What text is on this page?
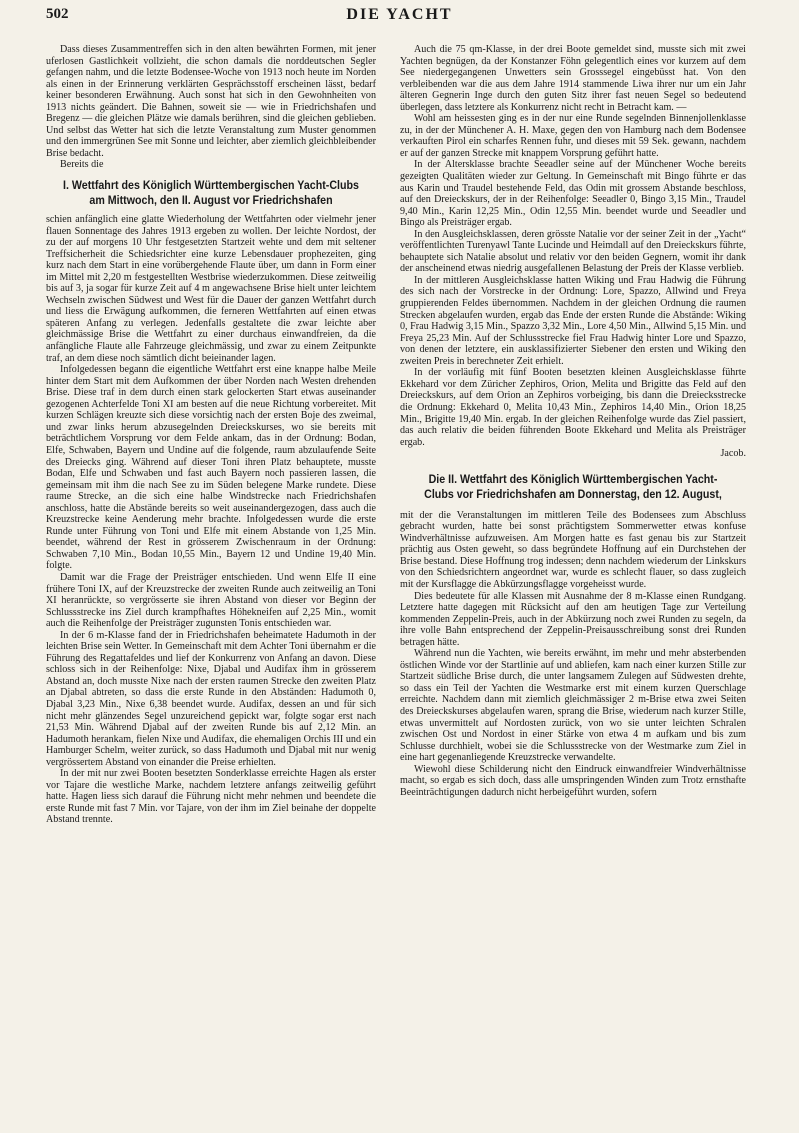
502	DIE YACHT

Dass dieses Zusammentreffen sich in den alten bewährten Formen, mit jener uferlosen Gastlichkeit vollzieht, die schon damals die norddeutschen Segler gefangen nahm, und die letzte Bodensee-Woche von 1913 noch heute im Norden als einen in der Erinnerung verklärten Gesprächsstoff erscheinen lässt, bedarf keiner besonderen Erwähnung. Auch sonst hat sich in den Gewohnheiten von 1913 nichts geändert. Die Bahnen, soweit sie — wie in Friedrichshafen und Bregenz — die gleichen Plätze wie damals berühren, sind die gleichen geblieben. Und selbst das Wetter hat sich die letzte Veranstaltung zum Muster genommen und den immergrünen See mit Sonne und leichter, aber ziemlich gleichbleibender Brise bedacht.

Bereits die

I. Wettfahrt des Königlich Württembergischen Yacht-Clubs am Mittwoch, den II. August vor Friedrichshafen

schien anfänglich eine glatte Wiederholung der Wettfahrten oder vielmehr jener flauen Sonnentage des Jahres 1913 ergeben zu wollen. Der leichte Nordost, der zu der auf morgens 10 Uhr festgesetzten Startzeit wehte und dem mit seltener Treffsicherheit die Schiedsrichter eine kurze Lebensdauer prophezeiten, ging kurz nach dem Start in eine vorübergehende Flaute über, um dann in Form einer im Mittel mit 2,20 m festgestellten Westbrise wiederzukommen. Diese zeitweilig bis auf 3, ja sogar für kurze Zeit auf 4 m angewachsene Brise hielt unter leichtem Wechseln zwischen Südwest und West für die Dauer der ganzen Wettfahrt durch und liess die Erwägung aufkommen, die ferneren Wettfahrten auf einen etwas späteren Anfang zu verlegen. Jedenfalls gestaltete die zwar leichte aber gleichmässige Brise die Wettfahrt zu einer durchaus einwandfreien, da die anfängliche Flaute alle Fahrzeuge gleichmässig, und zwar zu einem Zeitpunkte traf, an dem diese noch sämtlich dicht beieinander lagen.

Infolgedessen begann die eigentliche Wettfahrt erst eine knappe halbe Meile hinter dem Start mit dem Aufkommen der über Norden nach Westen drehenden Brise. Diese traf in dem durch einen stark gelockerten Start etwas auseinander gezogenen Achterfelde Toni XI am besten auf die neue Richtung vorbereitet. Mit kurzen Schlägen kreuzte sich diese vorsichtig nach der ersten Boje des zweimal, und zwar links herum abzusegelnden Dreieckskurses, wo sie bereits mit beträchtlichem Vorsprung vor dem Felde ankam, das in der Ordnung: Bodan, Elfe, Schwaben, Bayern und Undine auf die folgende, raum abzulaufende Seite des Dreiecks ging. Während auf dieser Toni ihren Platz behauptete, musste Bodan, Elfe und Schwaben und fast auch Bayern noch passieren lassen, die gemeinsam mit ihm die nach See zu im Süden belegene Marke rundete. Diese raume Strecke, an die sich eine halbe Windstrecke nach Friedrichshafen anschloss, hatte die Abstände bereits so weit auseinandergezogen, dass auch die Kreuzstrecke keine Aenderung mehr brachte. Infolgedessen wurde die erste Runde unter Führung von Toni und Elfe mit einem Abstande von 1,25 Min. beendet, während der Rest in grösserem Zwischenraum in der Ordnung: Schwaben 7,10 Min., Bodan 10,55 Min., Bayern 12 und Undine 19,40 Min. folgte.

Damit war die Frage der Preisträger entschieden. Und wenn Elfe II eine frühere Toni IX, auf der Kreuzstrecke der zweiten Runde auch zeitweilig an Toni XI heranrückte, so vergrösserte sie ihren Abstand von dieser vor Beginn der Schlussstrecke ins Ziel durch krampfhaftes Höhekneifen auf 2,25 Min., womit auch die Reihenfolge der Preisträger zugunsten Tonis entschieden war.

In der 6 m-Klasse fand der in Friedrichshafen beheimatete Hadumoth in der leichten Brise sein Wetter. In Gemeinschaft mit dem Achter Toni übernahm er die Führung des Regattafeldes und lief der Konkurrenz von Anfang an davon. Diese schloss sich in der Reihenfolge: Nixe, Djabal und Audifax ihm in grösserem Abstand an, doch musste Nixe nach der ersten raumen Strecke den zweiten Platz an Djabal abtreten, so dass die erste Runde in den Abständen: Hadumoth 0, Djabal 3,23 Min., Nixe 6,38 beendet wurde. Audifax, dessen an und für sich nicht mehr glänzendes Segel unzureichend gepickt war, folgte sogar erst nach 21,53 Min. Während Djabal auf der zweiten Runde bis auf 2,12 Min. an Hadumoth herankam, fielen Nixe und Audifax, die ehemaligen Orchis III und ein Hamburger Schelm, weiter zurück, so dass Hadumoth und Djabal mit nur wenig vergrössertem Abstand von einander die Preise erhielten.

In der mit nur zwei Booten besetzten Sonderklasse erreichte Hagen als erster vor Tajare die westliche Marke, nachdem letztere anfangs zeitweilig geführt hatte. Hagen liess sich darauf die Führung nicht mehr nehmen und beendete die erste Runde mit fast 7 Min. vor Tajare, von der ihm im Ziel beinahe der doppelte Abstand trennte.

Auch die 75 qm-Klasse, in der drei Boote gemeldet sind, musste sich mit zwei Yachten begnügen, da der Konstanzer Föhn gelegentlich eines vor kurzem auf dem See niedergegangenen Unwetters sein Grosssegel eingebüsst hat. Von den verbleibenden war die aus dem Jahre 1914 stammende Liwa ihrer nur um ein Jahr älteren Gegnerin Inge durch den guten Sitz ihrer fast neuen Segel so bedeutend überlegen, dass letztere als Konkurrenz nicht recht in Betracht kam. —

Wohl am heissesten ging es in der nur eine Runde segelnden Binnenjollenklasse zu, in der der Münchener A. H. Maxe, gegen den von Hamburg nach dem Bodensee verkauften Pirol ein scharfes Rennen fuhr, und dieses mit 59 Sek. gewann, nachdem er auf der ganzen Strecke mit knappem Vorsprung geführt hatte.

In der Altersklasse brachte Seeadler seine auf der Münchener Woche bereits gezeigten Qualitäten wieder zur Geltung. In Gemeinschaft mit Bingo führte er das aus Karin und Traudel bestehende Feld, das Odin mit grossem Abstande beschloss, auf den Dreieckskurs, der in der Reihenfolge: Seeadler 0, Bingo 3,15 Min., Traudel 9,40 Min., Karin 12,25 Min., Odin 12,55 Min. beendet wurde und Seeadler und Bingo als Preisträger ergab.

In den Ausgleichsklassen, deren grösste Natalie vor der seiner Zeit in der „Yacht“ veröffentlichten Turenyawl Tante Lucinde und Heimdall auf den Dreieckskurs führte, behauptete sich Natalie absolut und relativ vor den beiden Gegnern, womit ihr dank der anscheinend etwas niedrig ausgefallenen Belastung der Preis der Klasse verblieb.

In der mittleren Ausgleichsklasse hatten Wiking und Frau Hadwig die Führung des sich nach der Vorstrecke in der Ordnung: Lore, Spazzo, Allwind und Freya gruppierenden Feldes übernommen. Nachdem in der gleichen Ordnung die raumen Strecken abgelaufen wurden, ergab das Ende der ersten Runde die Abstände: Wiking 0, Frau Hadwig 3,15 Min., Spazzo 3,32 Min., Lore 4,50 Min., Allwind 5,15 Min. und Freya 25,23 Min. Auf der Schlussstrecke fiel Frau Hadwig hinter Lore und Spazzo, von denen der letztere, ein ausklassifizierter Siebener den ersten und Wiking den zweiten Preis in berechneter Zeit erhielt.

In der vorläufig mit fünf Booten besetzten kleinen Ausgleichsklasse führte Ekkehard vor dem Züricher Zephiros, Orion, Melita und Brigitte das Feld auf den Dreieckskurs, auf dem Orion an Zephiros vorbeiging, bis dann die Dreiecksstrecke die Ordnung: Ekkehard 0, Melita 10,43 Min., Zephiros 14,40 Min., Orion 18,25 Min., Brigitte 19,40 Min. ergab. In der gleichen Reihenfolge wurde das Ziel passiert, das auch relativ die beiden führenden Boote Ekkehard und Melita als Preisträger ergab.

Jacob.

Die II. Wettfahrt des Königlich Württembergischen Yacht-Clubs vor Friedrichshafen am Donnerstag, den 12. August,

mit der die Veranstaltungen im mittleren Teile des Bodensees zum Abschluss gebracht wurden, hatte bei sonst prächtigstem Sommerwetter etwas konfuse Windverhältnisse aufzuweisen. Am Morgen hatte es fast genau bis zur Startzeit prächtig aus Osten geweht, so dass begründete Hoffnung auf ein Durchstehen der Brise bestand. Diese Hoffnung trog indessen; denn nachdem wiederum der Linkskurs von den Schiedsrichtern angeordnet war, wurde es schlecht flauer, so dass zugleich mit der Kursflagge die Abkürzungsflagge vorgeheisst wurde.

Dies bedeutete für alle Klassen mit Ausnahme der 8 m-Klasse einen Rundgang. Letztere hatte dagegen mit Rücksicht auf den am heutigen Tage zur Verteilung kommenden Zeppelin-Preis, auch in der Abkürzung noch zwei Runden zu segeln, da ihre volle Bahn entsprechend der Zeppelin-Preisausschreibung sonst drei Runden betragen hätte.

Während nun die Yachten, wie bereits erwähnt, im mehr und mehr absterbenden östlichen Winde vor der Startlinie auf und abliefen, kam nach einer kurzen Stille zur Startzeit südliche Brise durch, die unter langsamem Zulegen auf Südwesten drehte, so dass ein Teil der Yachten die Westmarke erst mit einem kurzen Querschlage erreichte. Nachdem dann mit ziemlich gleichmässiger 2 m-Brise etwa zwei Seiten des Dreieckskurses abgelaufen waren, sprang die Brise, wiederum nach kurzer Stille, etwas unvermittelt auf Nordosten zurück, von wo sie unter leichten Schralen zwischen Ost und Nordost in einer Stärke von etwa 4 m aufkam und bis zum Schlusse durchhielt, wobei sie die Schlussstrecke von der Westmarke zum Ziel in eine hart gegenanliegende Kreuzstrecke verwandelte.

Wiewohl diese Schilderung nicht den Eindruck einwandfreier Windverhältnisse macht, so ergab es sich doch, dass alle umspringenden Winden zum Trotz ernsthafte Beeinträchtigungen dadurch nicht herbeigeführt wurden, sofern
